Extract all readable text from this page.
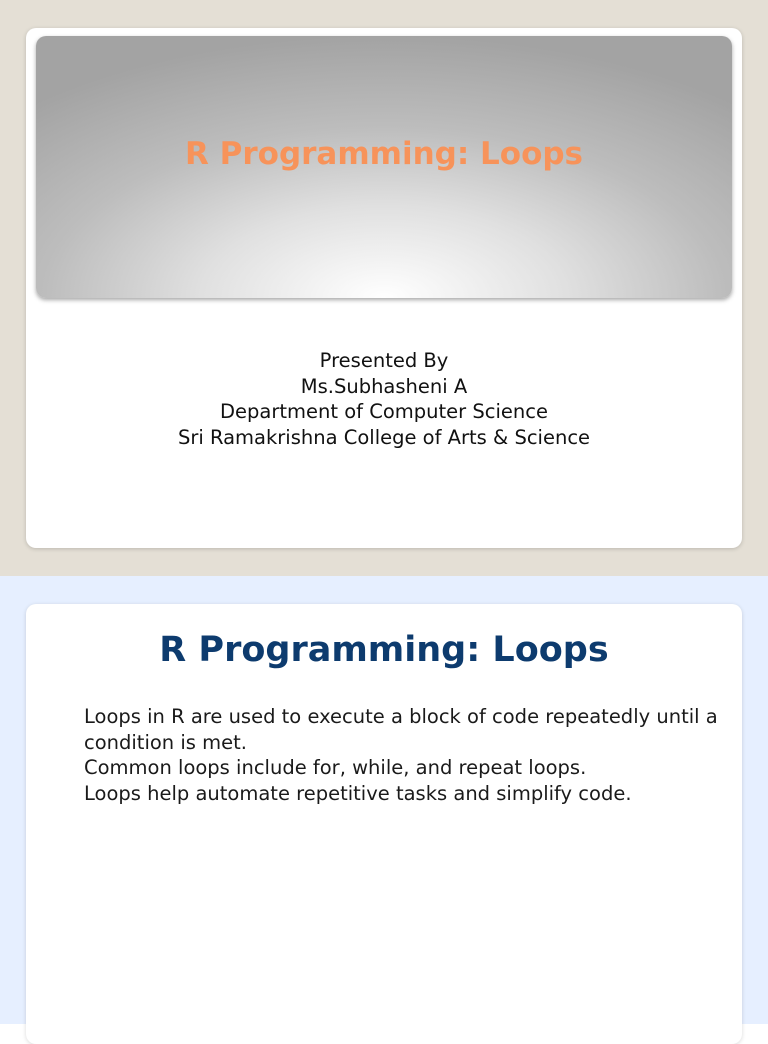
R Programming: Loops
Presented By
Ms.Subhasheni A
Department of Computer Science
Sri Ramakrishna College of Arts & Science
R Programming: Loops

Loops in R are used to execute a block of code repeatedly until a condition is met.

Common loops include for, while, and repeat loops.

Loops help automate repetitive tasks and simplify code.
